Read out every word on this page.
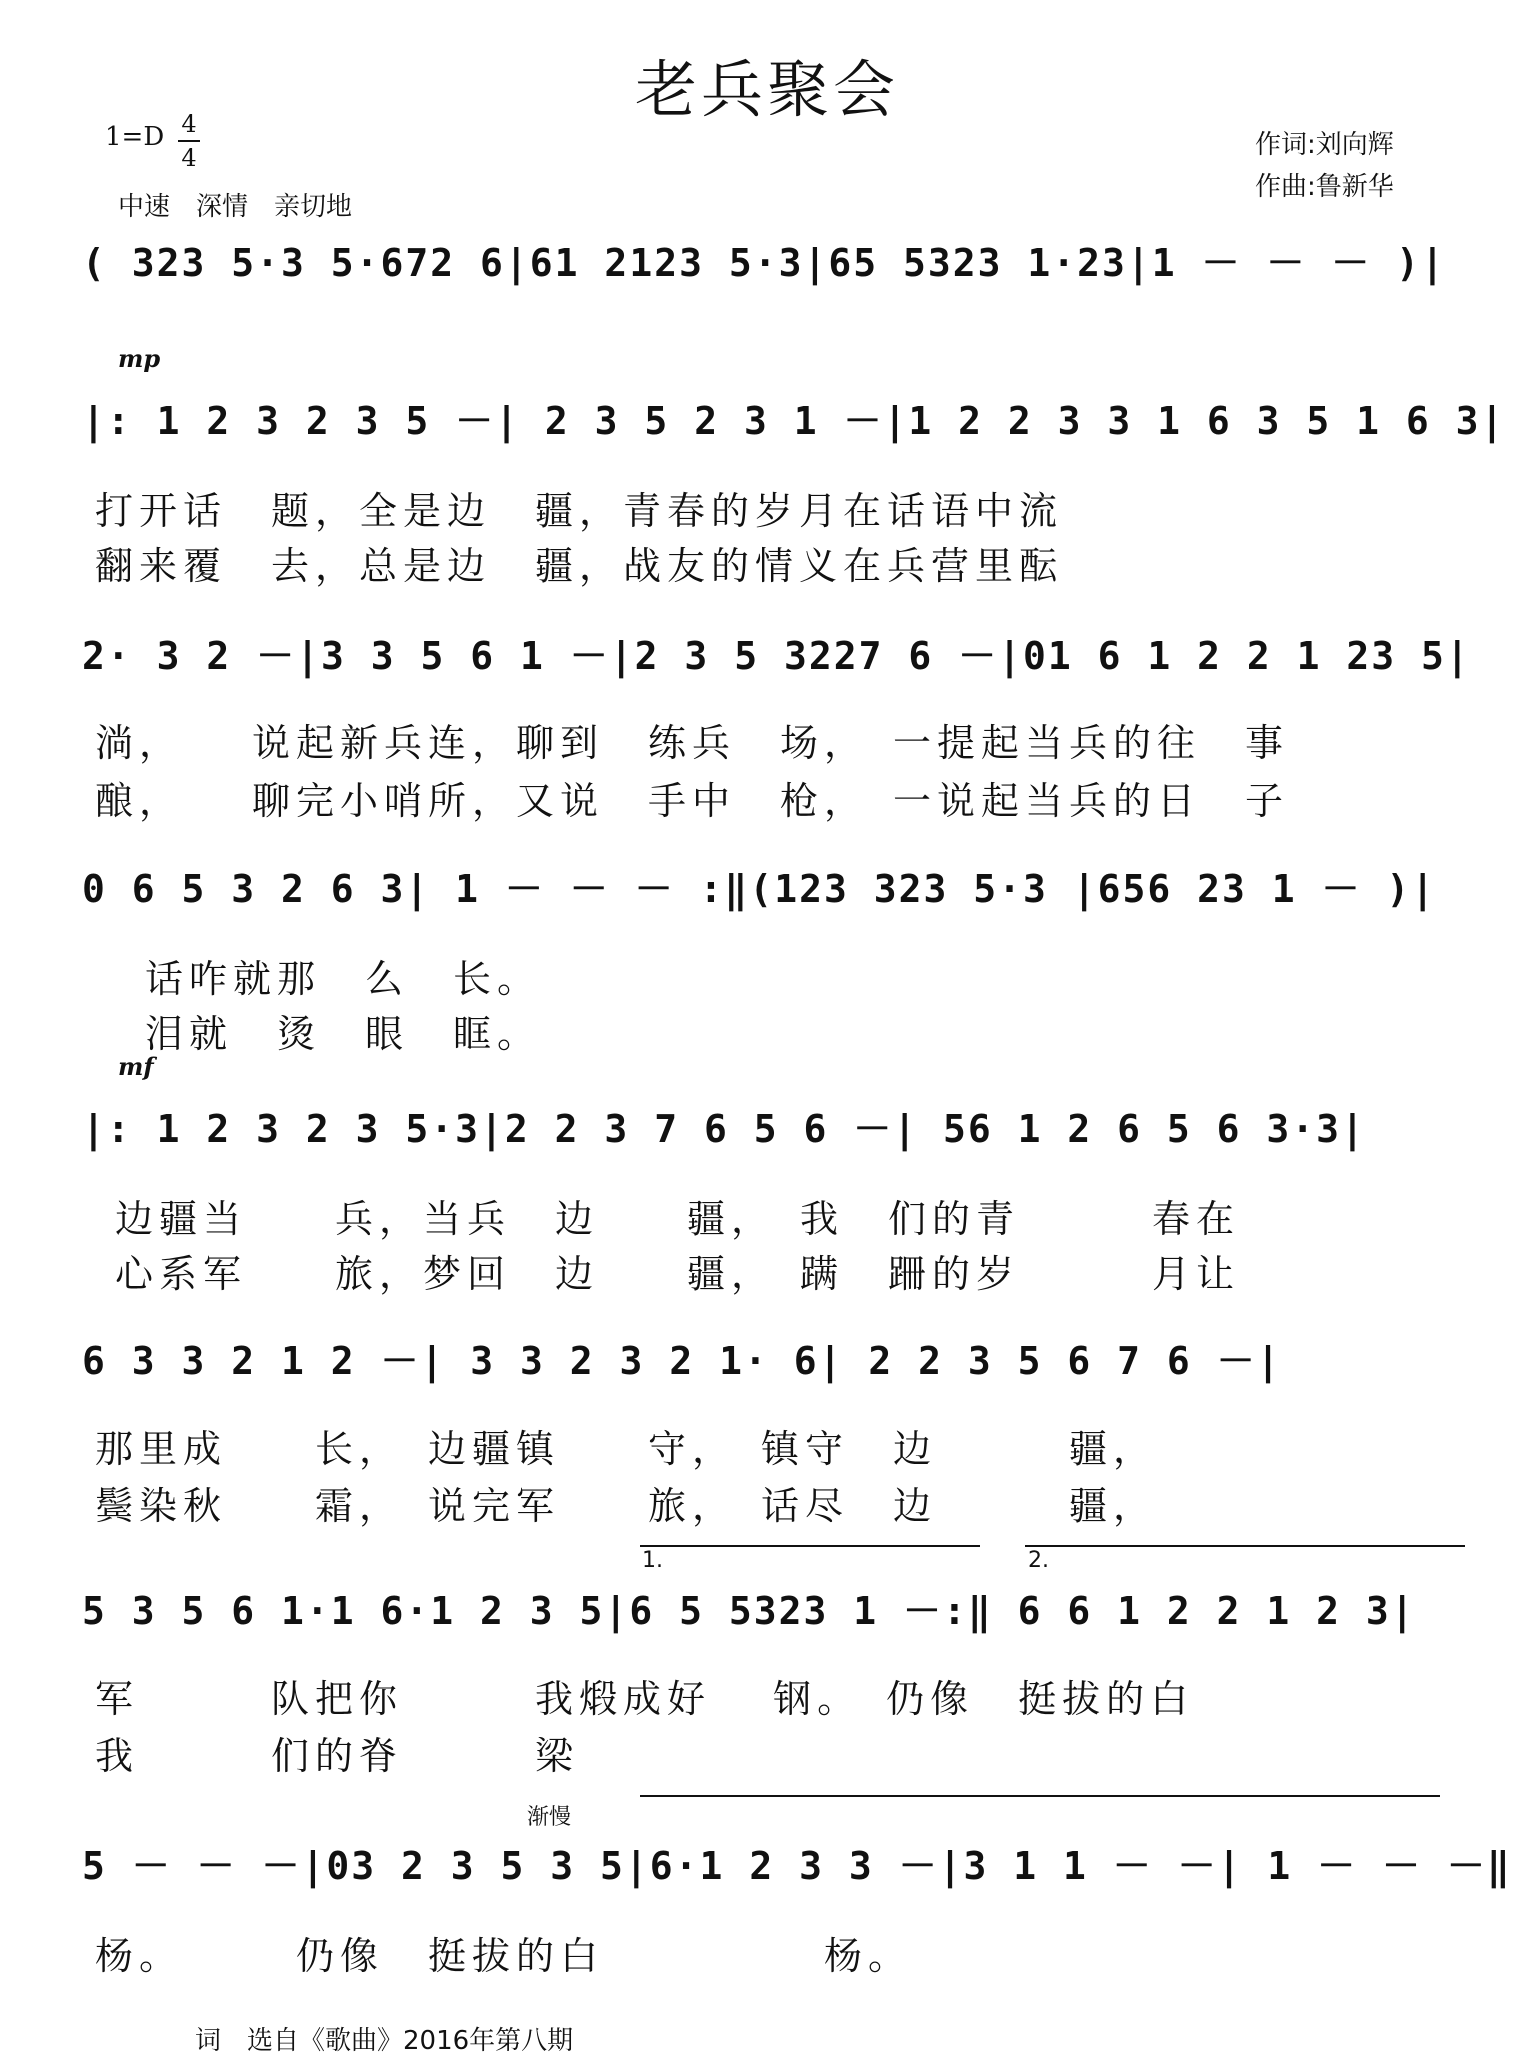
老兵聚会
1=D 4
4
中速　深情　亲切地
作词:刘向辉
作曲:鲁新华
( 323 5·3 5·672 6|61 2123 5·3|65 5323 1·23|1 － － － )|
mp
|: 1 2 3 2 3 5 －| 2 3 5 2 3 1 －|1 2 2 3 3 1 6 3 5 1 6 3|
打开话　题，全是边　疆，青春的岁月在话语中流
翻来覆　去，总是边　疆，战友的情义在兵营里酝
2· 3 2 －|3 3 5 6 1 －|2 3 5 3227 6 －|01 6 1 2 2 1 23 5|
淌，　　说起新兵连，聊到　练兵　场，　一提起当兵的往　事
酿，　　聊完小哨所，又说　手中　枪，　一说起当兵的日　子
0 6 5 3 2 6 3| 1 － － － :‖(123 323 5·3 |656 23 1 － )|
话咋就那　么　长。
泪就　烫　眼　眶。
mf
|: 1 2 3 2 3 5·3|2 2 3 7 6 5 6 －| 56 1 2 6 5 6 3·3|
边疆当　　兵，当兵　边　　疆，　我　们的青　　　春在
心系军　　旅，梦回　边　　疆，　蹒　跚的岁　　　月让
6 3 3 2 1 2 －| 3 3 2 3 2 1· 6| 2 2 3 5 6 7 6 －|
那里成　　长，　边疆镇　　守，　镇守　边　　　疆，
鬓染秋　　霜，　说完军　　旅，　话尽　边　　　疆，
1.	2.
5 3 5 6 1·1 6·1 2 3 5|6 5 5323 1 －:‖ 6 6 1 2 2 1 2 3|
军　　　队把你　　　我煅成好　 钢。　仍像　挺拔的白
我　　　们的脊　　　梁
渐慢
5 － － －|03 2 3 5 3 5|6·1 2 3 3 －|3 1 1 － －| 1 － － －‖
杨。　　　仍像　挺拔的白　　　　　杨。
词　选自《歌曲》2016年第八期
